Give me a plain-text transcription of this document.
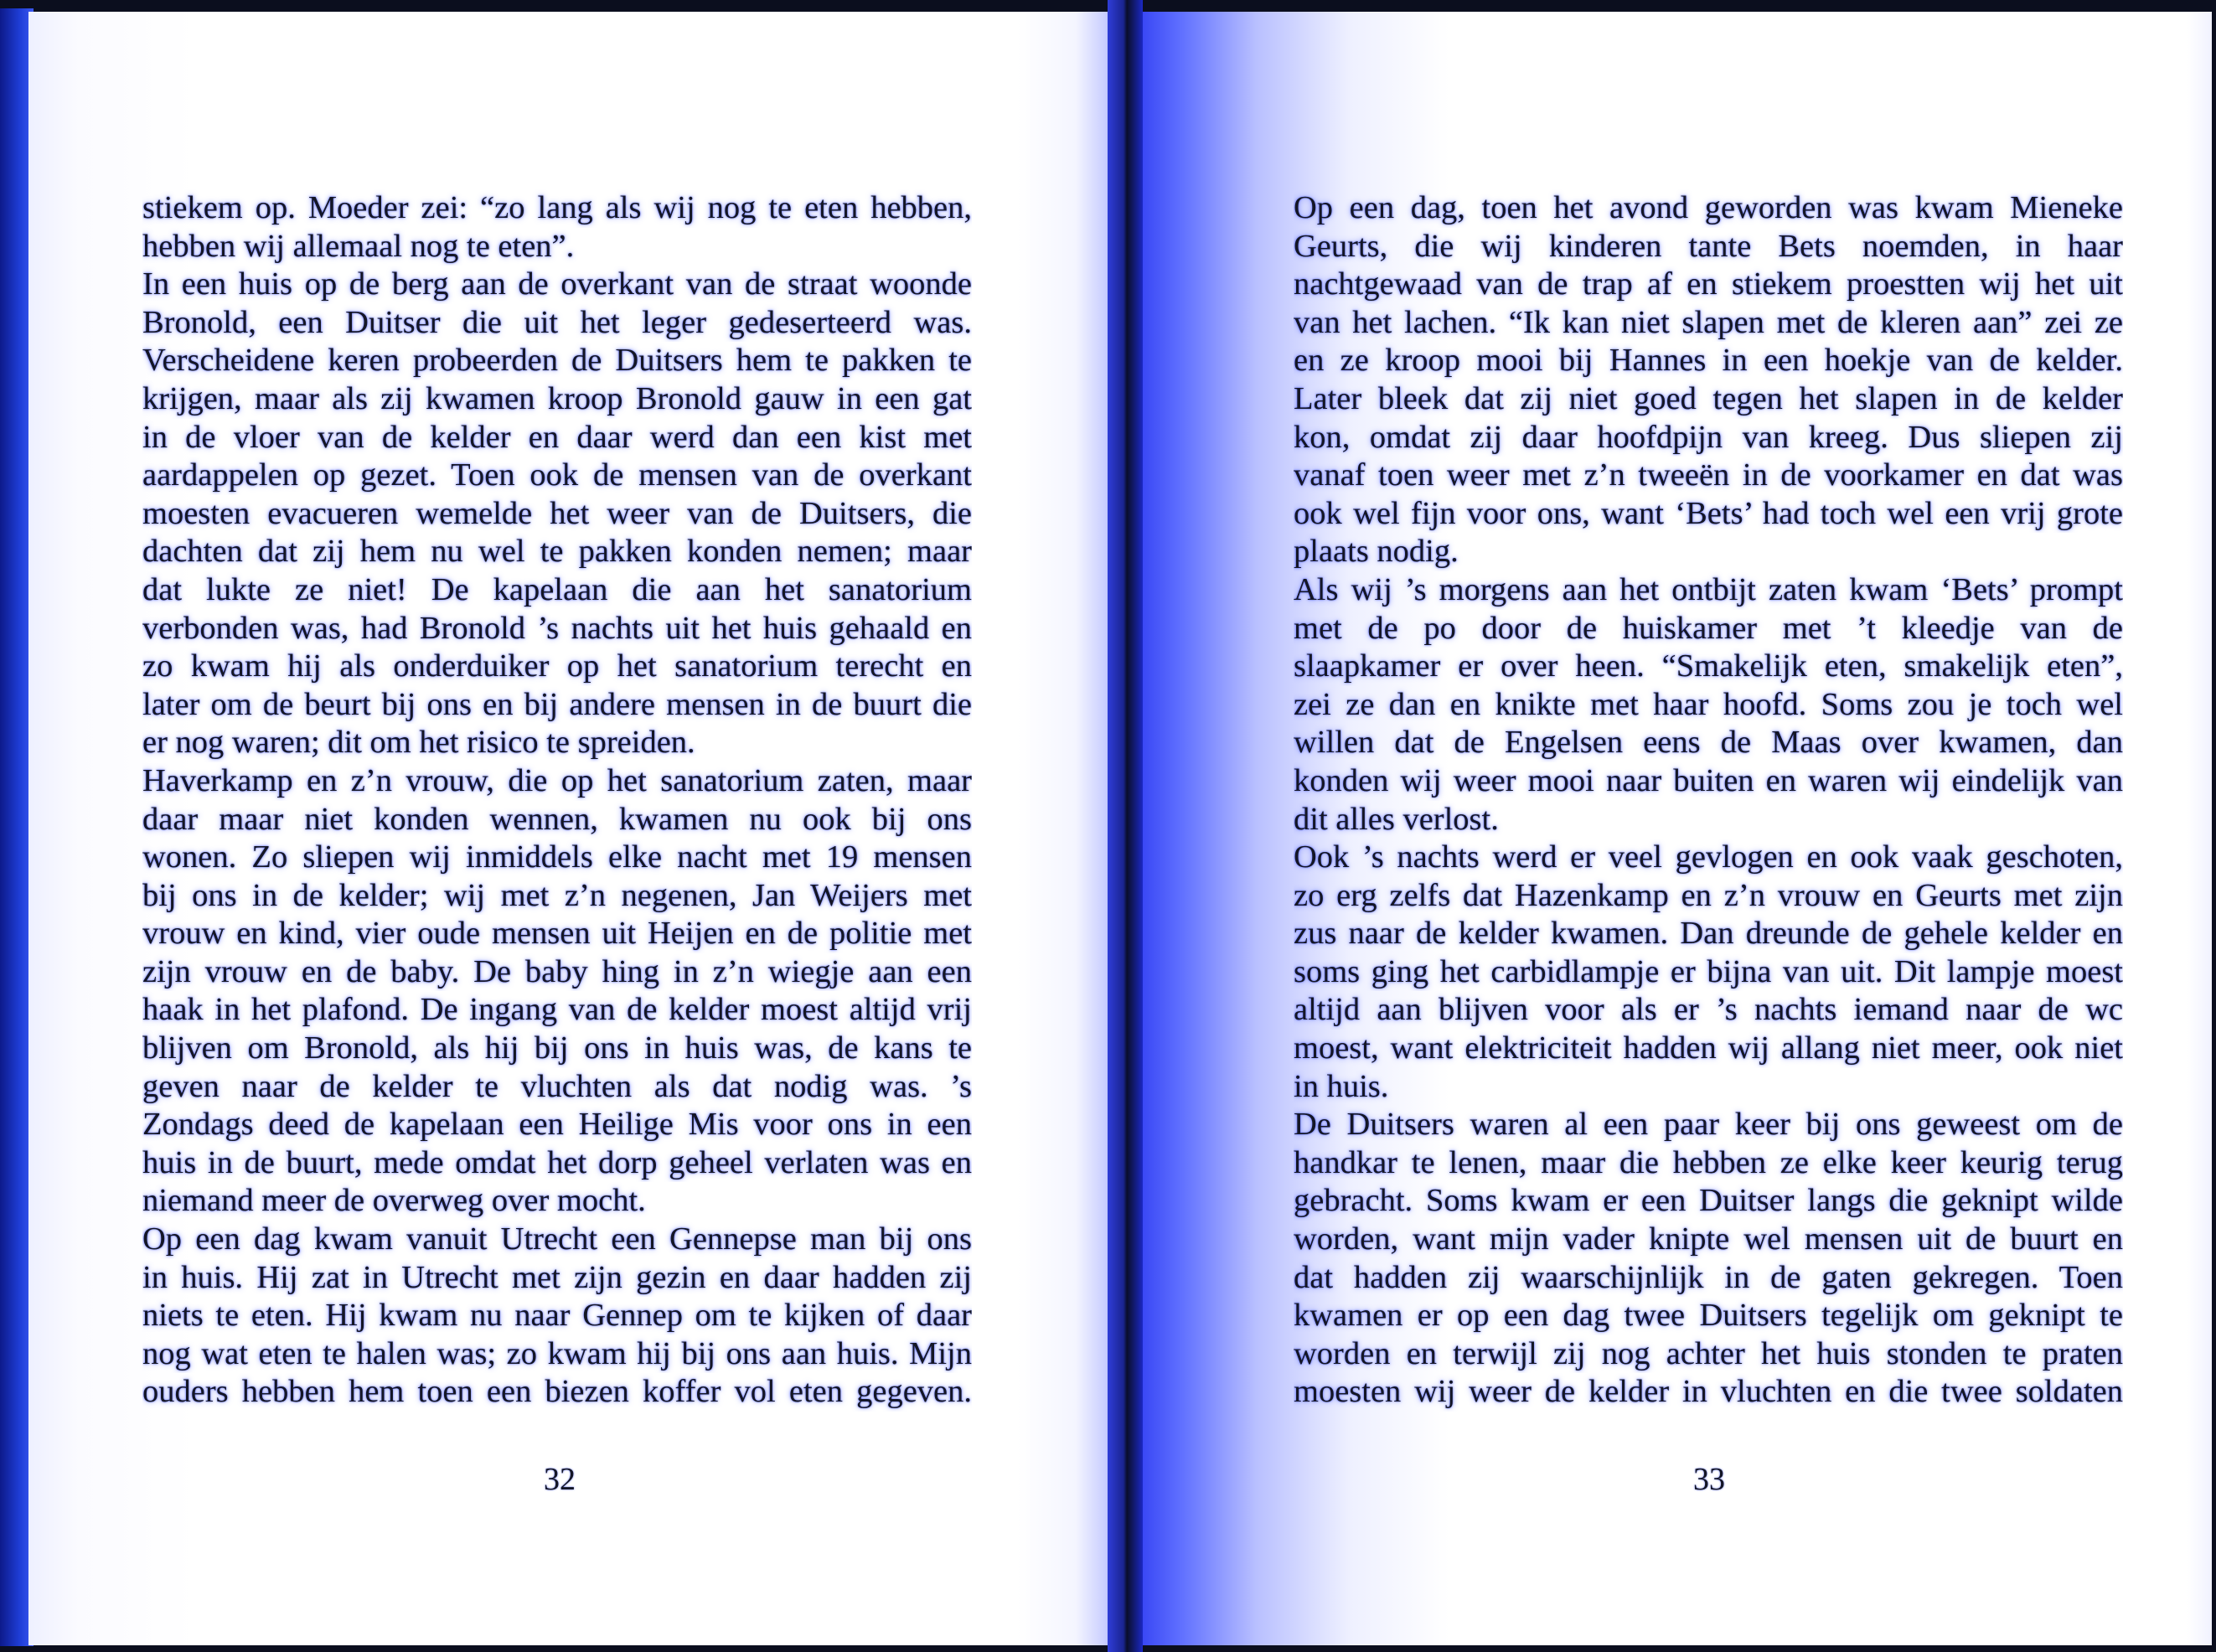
stiekem op. Moeder zei: “zo lang als wij nog te eten hebben,
hebben wij allemaal nog te eten”.
In een huis op de berg aan de overkant van de straat woonde
Bronold, een Duitser die uit het leger gedeserteerd was.
Verscheidene keren probeerden de Duitsers hem te pakken te
krijgen, maar als zij kwamen kroop Bronold gauw in een gat
in de vloer van de kelder en daar werd dan een kist met
aardappelen op gezet. Toen ook de mensen van de overkant
moesten evacueren wemelde het weer van de Duitsers, die
dachten dat zij hem nu wel te pakken konden nemen; maar
dat lukte ze niet! De kapelaan die aan het sanatorium
verbonden was, had Bronold ’s nachts uit het huis gehaald en
zo kwam hij als onderduiker op het sanatorium terecht en
later om de beurt bij ons en bij andere mensen in de buurt die
er nog waren; dit om het risico te spreiden.
Haverkamp en z’n vrouw, die op het sanatorium zaten, maar
daar maar niet konden wennen, kwamen nu ook bij ons
wonen. Zo sliepen wij inmiddels elke nacht met 19 mensen
bij ons in de kelder; wij met z’n negenen, Jan Weijers met
vrouw en kind, vier oude mensen uit Heijen en de politie met
zijn vrouw en de baby. De baby hing in z’n wiegje aan een
haak in het plafond. De ingang van de kelder moest altijd vrij
blijven om Bronold, als hij bij ons in huis was, de kans te
geven naar de kelder te vluchten als dat nodig was. ’s
Zondags deed de kapelaan een Heilige Mis voor ons in een
huis in de buurt, mede omdat het dorp geheel verlaten was en
niemand meer de overweg over mocht.
Op een dag kwam vanuit Utrecht een Gennepse man bij ons
in huis. Hij zat in Utrecht met zijn gezin en daar hadden zij
niets te eten. Hij kwam nu naar Gennep om te kijken of daar
nog wat eten te halen was; zo kwam hij bij ons aan huis. Mijn
ouders hebben hem toen een biezen koffer vol eten gegeven.
32
Op een dag, toen het avond geworden was kwam Mieneke
Geurts, die wij kinderen tante Bets noemden, in haar
nachtgewaad van de trap af en stiekem proestten wij het uit
van het lachen. “Ik kan niet slapen met de kleren aan” zei ze
en ze kroop mooi bij Hannes in een hoekje van de kelder.
Later bleek dat zij niet goed tegen het slapen in de kelder
kon, omdat zij daar hoofdpijn van kreeg. Dus sliepen zij
vanaf toen weer met z’n tweeën in de voorkamer en dat was
ook wel fijn voor ons, want ‘Bets’ had toch wel een vrij grote
plaats nodig.
Als wij ’s morgens aan het ontbijt zaten kwam ‘Bets’ prompt
met de po door de huiskamer met ’t kleedje van de
slaapkamer er over heen. “Smakelijk eten, smakelijk eten”,
zei ze dan en knikte met haar hoofd. Soms zou je toch wel
willen dat de Engelsen eens de Maas over kwamen, dan
konden wij weer mooi naar buiten en waren wij eindelijk van
dit alles verlost.
Ook ’s nachts werd er veel gevlogen en ook vaak geschoten,
zo erg zelfs dat Hazenkamp en z’n vrouw en Geurts met zijn
zus naar de kelder kwamen. Dan dreunde de gehele kelder en
soms ging het carbidlampje er bijna van uit. Dit lampje moest
altijd aan blijven voor als er ’s nachts iemand naar de wc
moest, want elektriciteit hadden wij allang niet meer, ook niet
in huis.
De Duitsers waren al een paar keer bij ons geweest om de
handkar te lenen, maar die hebben ze elke keer keurig terug
gebracht. Soms kwam er een Duitser langs die geknipt wilde
worden, want mijn vader knipte wel mensen uit de buurt en
dat hadden zij waarschijnlijk in de gaten gekregen. Toen
kwamen er op een dag twee Duitsers tegelijk om geknipt te
worden en terwijl zij nog achter het huis stonden te praten
moesten wij weer de kelder in vluchten en die twee soldaten
33
